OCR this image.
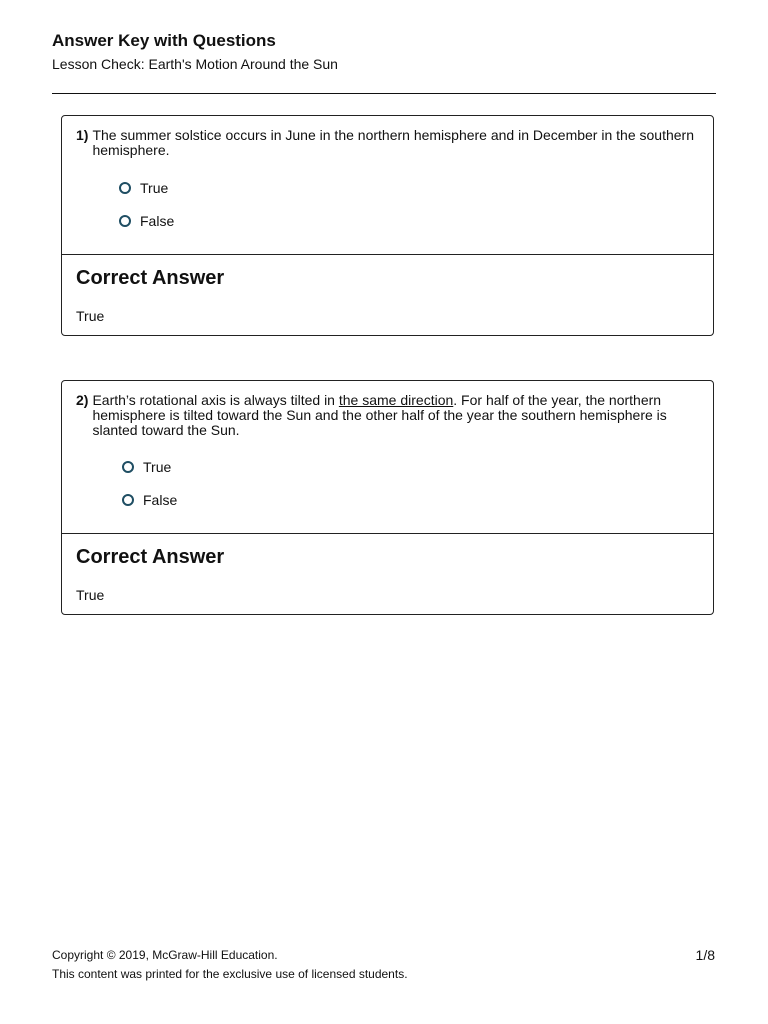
Answer Key with Questions
Lesson Check: Earth's Motion Around the Sun
1) The summer solstice occurs in June in the northern hemisphere and in December in the southern hemisphere.
True
False
Correct Answer
True
2) Earth’s rotational axis is always tilted in the same direction. For half of the year, the northern hemisphere is tilted toward the Sun and the other half of the year the southern hemisphere is slanted toward the Sun.
True
False
Correct Answer
True
Copyright © 2019, McGraw-Hill Education.
This content was printed for the exclusive use of licensed students.
1/8
